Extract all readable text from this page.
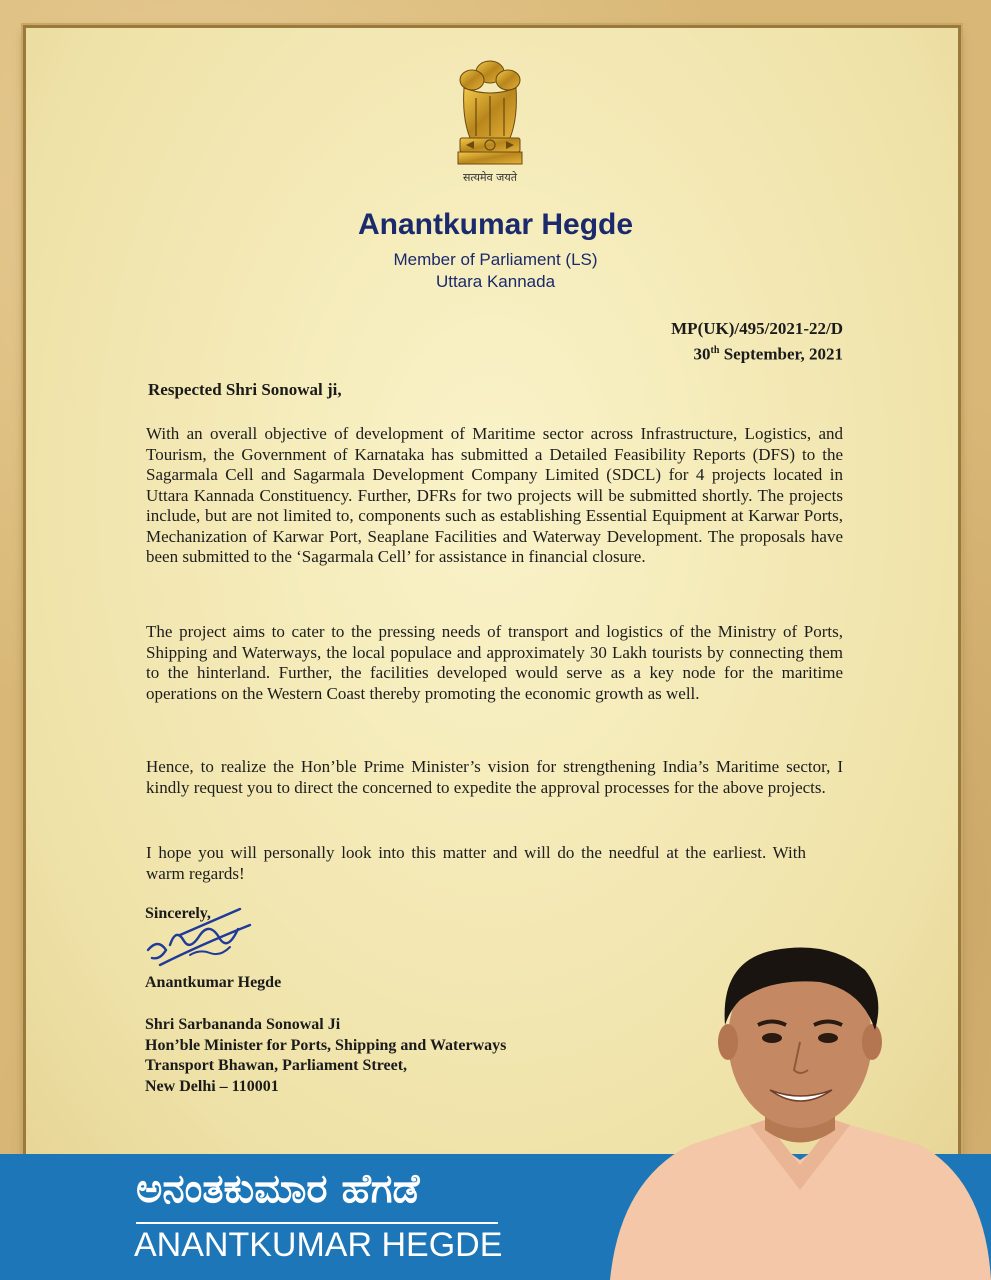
सत्यमेव जयते
Anantkumar Hegde
Member of Parliament (LS)
Uttara Kannada
MP(UK)/495/2021-22/D
30th September, 2021
Respected Shri Sonowal ji,
With an overall objective of development of Maritime sector across Infrastructure, Logistics, and Tourism, the Government of Karnataka has submitted a Detailed Feasibility Reports (DFS) to the Sagarmala Cell and Sagarmala Development Company Limited (SDCL) for 4 projects located in Uttara Kannada Constituency. Further, DFRs for two projects will be submitted shortly. The projects include, but are not limited to, components such as establishing Essential Equipment at Karwar Ports, Mechanization of Karwar Port, Seaplane Facilities and Waterway Development. The proposals have been submitted to the ‘Sagarmala Cell’ for assistance in financial closure.
The project aims to cater to the pressing needs of transport and logistics of the Ministry of Ports, Shipping and Waterways, the local populace and approximately 30 Lakh tourists by connecting them to the hinterland. Further, the facilities developed would serve as a key node for the maritime operations on the Western Coast thereby promoting the economic growth as well.
Hence, to realize the Hon’ble Prime Minister’s vision for strengthening India’s Maritime sector, I kindly request you to direct the concerned to expedite the approval processes for the above projects.
I hope you will personally look into this matter and will do the needful at the earliest. With warm regards!
Sincerely,
Anantkumar Hegde
Shri Sarbananda Sonowal Ji
Hon’ble Minister for Ports, Shipping and Waterways
Transport Bhawan, Parliament Street,
New Delhi – 110001
ಅನಂತಕುಮಾರ ಹೆಗಡೆ
ANANTKUMAR HEGDE
